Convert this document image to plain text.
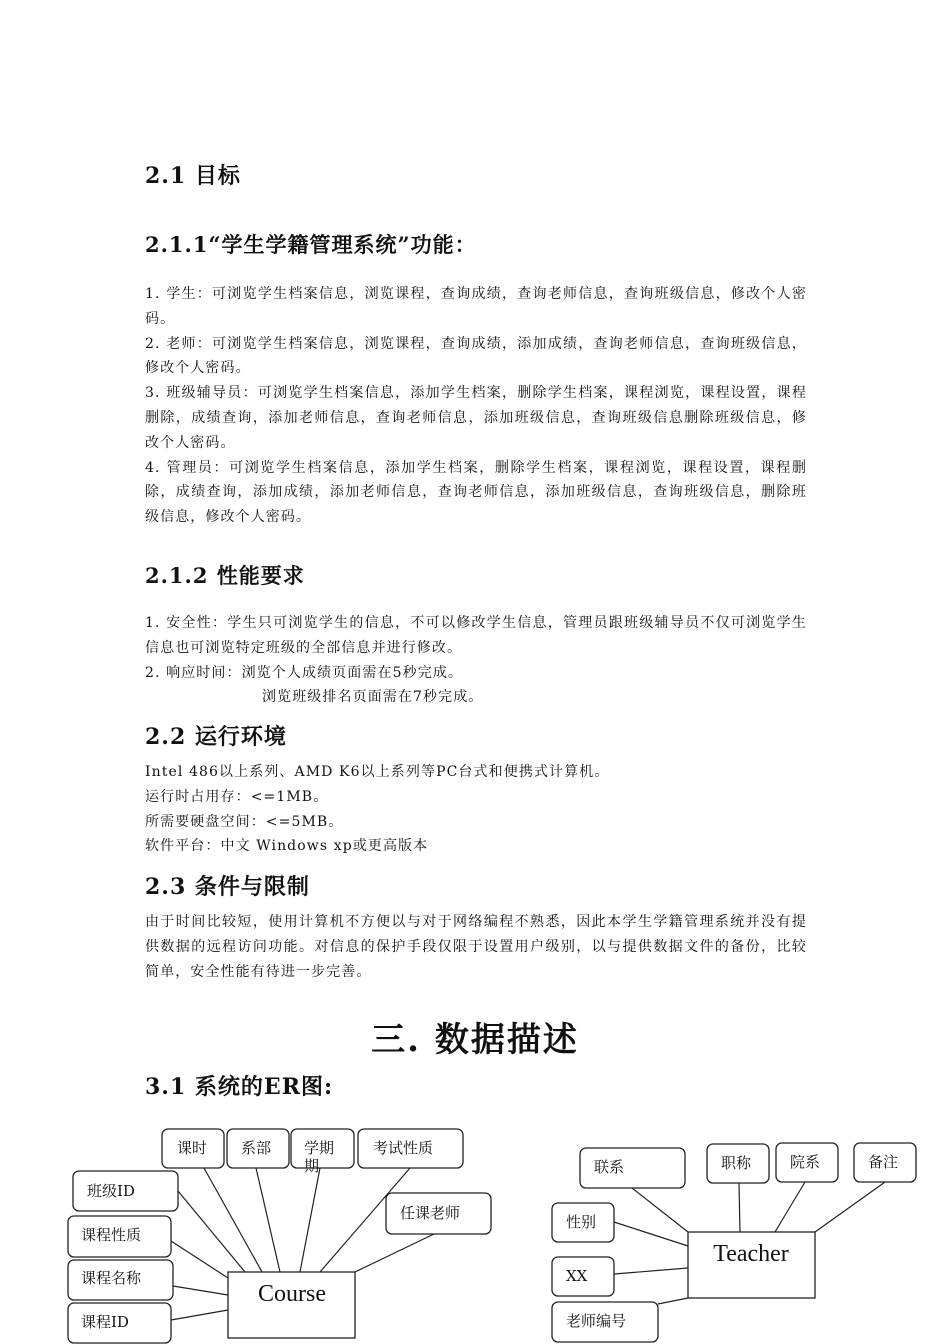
2.1 目标
2.1.1“学生学籍管理系统”功能：

1. 学生：可浏览学生档案信息，浏览课程，查询成绩，查询老师信息，查询班级信息，修改个人密码。

2. 老师：可浏览学生档案信息，浏览课程，查询成绩，添加成绩，查询老师信息，查询班级信息，修改个人密码。

3. 班级辅导员：可浏览学生档案信息，添加学生档案，删除学生档案，课程浏览，课程设置，课程删除，成绩查询，添加老师信息，查询老师信息，添加班级信息，查询班级信息删除班级信息，修改个人密码。

4. 管理员：可浏览学生档案信息，添加学生档案，删除学生档案，课程浏览，课程设置，课程删除，成绩查询，添加成绩，添加老师信息，查询老师信息，添加班级信息，查询班级信息，删除班级信息，修改个人密码。

2.1.2 性能要求

1. 安全性：学生只可浏览学生的信息，不可以修改学生信息，管理员跟班级辅导员不仅可浏览学生信息也可浏览特定班级的全部信息并进行修改。

2. 响应时间：浏览个人成绩页面需在5秒完成。

浏览班级排名页面需在7秒完成。

2.2 运行环境

Intel 486以上系列、AMD K6以上系列等PC台式和便携式计算机。

运行时占用存：<=1MB。

所需要硬盘空间：<=5MB。

软件平台：中文 Windows xp或更高版本

2.3 条件与限制

由于时间比较短，使用计算机不方便以与对于网络编程不熟悉，因此本学生学籍管理系统并没有提供数据的远程访问功能。对信息的保护手段仅限于设置用户级别，以与提供数据文件的备份，比较简单，安全性能有待进一步完善。

三. 数据描述
3.1 系统的ER图:
Course
课时 系部 学期
期
考试性质
班级ID
任课老师
课程性质
课程名称
课程ID
Teacher
联系	职称	院系	备注
性别
XX
老师编号
